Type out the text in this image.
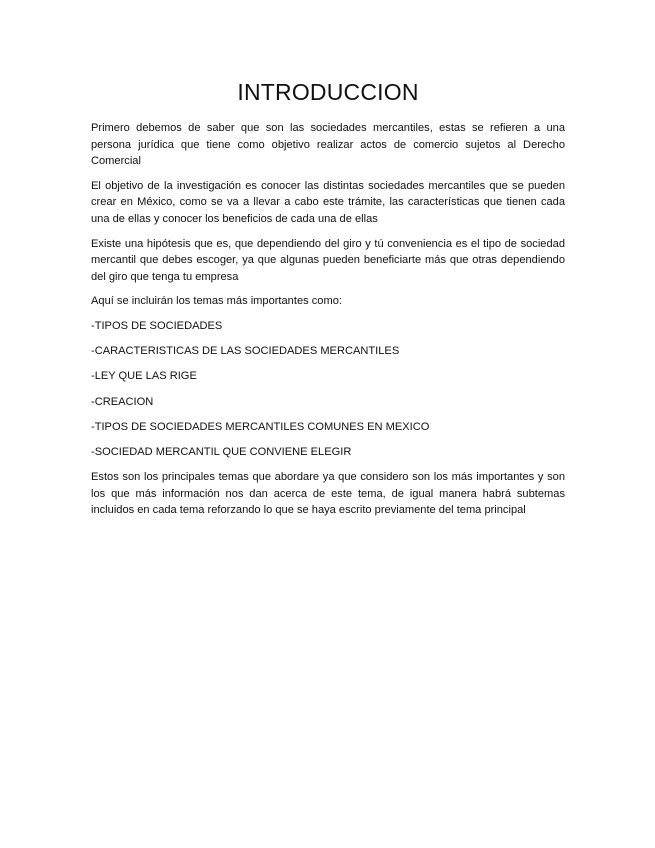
INTRODUCCION

Primero debemos de saber que son las sociedades mercantiles, estas se refieren a una persona jurídica que tiene como objetivo realizar actos de comercio sujetos al Derecho Comercial

El objetivo de la investigación es conocer las distintas sociedades mercantiles que se pueden crear en México, como se va a llevar a cabo este trámite, las características que tienen cada una de ellas y conocer los beneficios de cada una de ellas

Existe una hipótesis que es, que dependiendo del giro y tú conveniencia es el tipo de sociedad mercantil que debes escoger, ya que algunas pueden beneficiarte más que otras dependiendo del giro que tenga tu empresa

Aquí se incluirán los temas más importantes como:

-TIPOS DE SOCIEDADES
-CARACTERISTICAS DE LAS SOCIEDADES MERCANTILES
-LEY QUE LAS RIGE
-CREACION
-TIPOS DE SOCIEDADES MERCANTILES COMUNES EN MEXICO
-SOCIEDAD MERCANTIL QUE CONVIENE ELEGIR

Estos son los principales temas que abordare ya que considero son los más importantes y son los que más información nos dan acerca de este tema, de igual manera habrá subtemas incluidos en cada tema reforzando lo que se haya escrito previamente del tema principal
